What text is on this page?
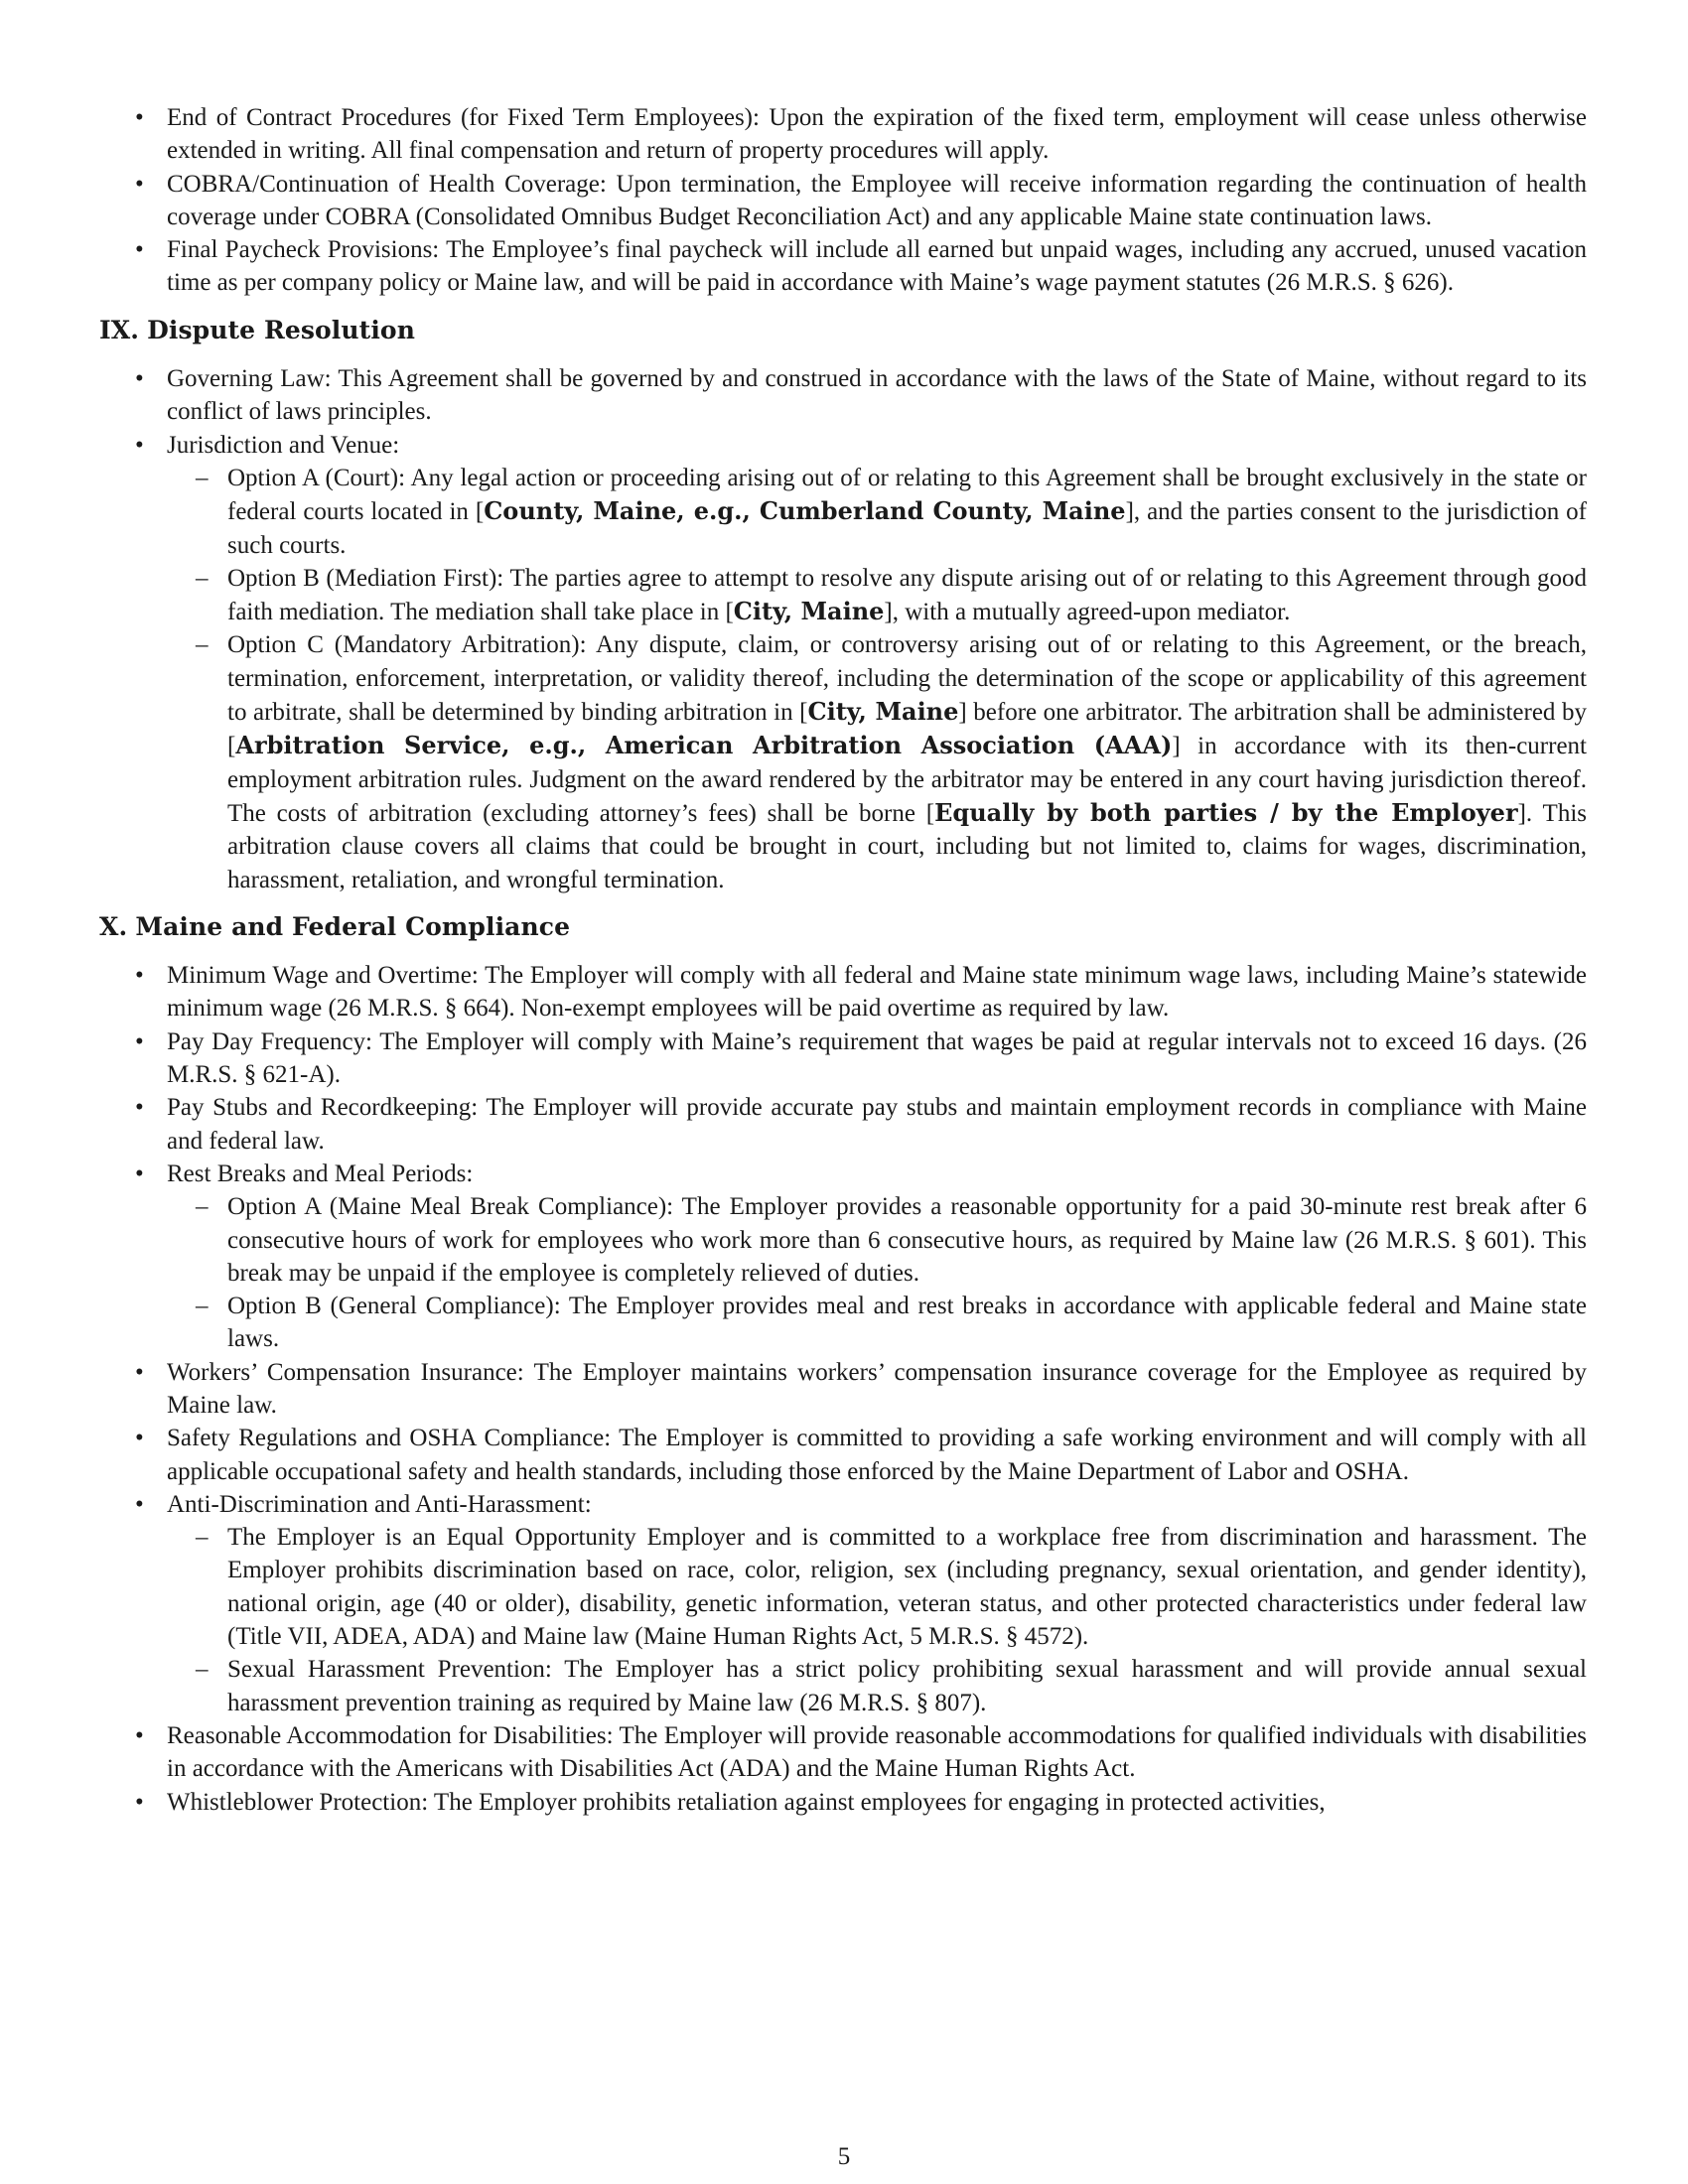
• End of Contract Procedures (for Fixed Term Employees): Upon the expiration of the fixed term, employment will cease unless otherwise extended in writing. All final compensation and return of property procedures will apply.
• COBRA/Continuation of Health Coverage: Upon termination, the Employee will receive information regarding the continuation of health coverage under COBRA (Consolidated Omnibus Budget Reconciliation Act) and any applicable Maine state continuation laws.
• Final Paycheck Provisions: The Employee’s final paycheck will include all earned but unpaid wages, including any accrued, unused vacation time as per company policy or Maine law, and will be paid in accordance with Maine’s wage payment statutes (26 M.R.S. § 626).
IX. Dispute Resolution
• Governing Law: This Agreement shall be governed by and construed in accordance with the laws of the State of Maine, without regard to its conflict of laws principles.
• Jurisdiction and Venue:
– Option A (Court): Any legal action or proceeding arising out of or relating to this Agreement shall be brought exclusively in the state or federal courts located in [County, Maine, e.g., Cumberland County, Maine], and the parties consent to the jurisdiction of such courts.
– Option B (Mediation First): The parties agree to attempt to resolve any dispute arising out of or relating to this Agreement through good faith mediation. The mediation shall take place in [City, Maine], with a mutually agreed-upon mediator.
– Option C (Mandatory Arbitration): Any dispute, claim, or controversy arising out of or relating to this Agreement, or the breach, termination, enforcement, interpretation, or validity thereof, including the determination of the scope or applicability of this agreement to arbitrate, shall be determined by binding arbitration in [City, Maine] before one arbitrator. The arbitration shall be administered by [Arbitration Service, e.g., American Arbitration Association (AAA)] in accordance with its then-current employment arbitration rules. Judgment on the award rendered by the arbitrator may be entered in any court having jurisdiction thereof. The costs of arbitration (excluding attorney’s fees) shall be borne [Equally by both parties / by the Employer]. This arbitration clause covers all claims that could be brought in court, including but not limited to, claims for wages, discrimination, harassment, retaliation, and wrongful termination.
X. Maine and Federal Compliance
• Minimum Wage and Overtime: The Employer will comply with all federal and Maine state minimum wage laws, including Maine’s statewide minimum wage (26 M.R.S. § 664). Non-exempt employees will be paid overtime as required by law.
• Pay Day Frequency: The Employer will comply with Maine’s requirement that wages be paid at regular intervals not to exceed 16 days. (26 M.R.S. § 621-A).
• Pay Stubs and Recordkeeping: The Employer will provide accurate pay stubs and maintain employment records in compliance with Maine and federal law.
• Rest Breaks and Meal Periods:
– Option A (Maine Meal Break Compliance): The Employer provides a reasonable opportunity for a paid 30-minute rest break after 6 consecutive hours of work for employees who work more than 6 consecutive hours, as required by Maine law (26 M.R.S. § 601). This break may be unpaid if the employee is completely relieved of duties.
– Option B (General Compliance): The Employer provides meal and rest breaks in accordance with applicable federal and Maine state laws.
• Workers’ Compensation Insurance: The Employer maintains workers’ compensation insurance coverage for the Employee as required by Maine law.
• Safety Regulations and OSHA Compliance: The Employer is committed to providing a safe working environment and will comply with all applicable occupational safety and health standards, including those enforced by the Maine Department of Labor and OSHA.
• Anti-Discrimination and Anti-Harassment:
– The Employer is an Equal Opportunity Employer and is committed to a workplace free from discrimination and harassment. The Employer prohibits discrimination based on race, color, religion, sex (including pregnancy, sexual orientation, and gender identity), national origin, age (40 or older), disability, genetic information, veteran status, and other protected characteristics under federal law (Title VII, ADEA, ADA) and Maine law (Maine Human Rights Act, 5 M.R.S. § 4572).
– Sexual Harassment Prevention: The Employer has a strict policy prohibiting sexual harassment and will provide annual sexual harassment prevention training as required by Maine law (26 M.R.S. § 807).
• Reasonable Accommodation for Disabilities: The Employer will provide reasonable accommodations for qualified individuals with disabilities in accordance with the Americans with Disabilities Act (ADA) and the Maine Human Rights Act.
• Whistleblower Protection: The Employer prohibits retaliation against employees for engaging in protected activities,
5
